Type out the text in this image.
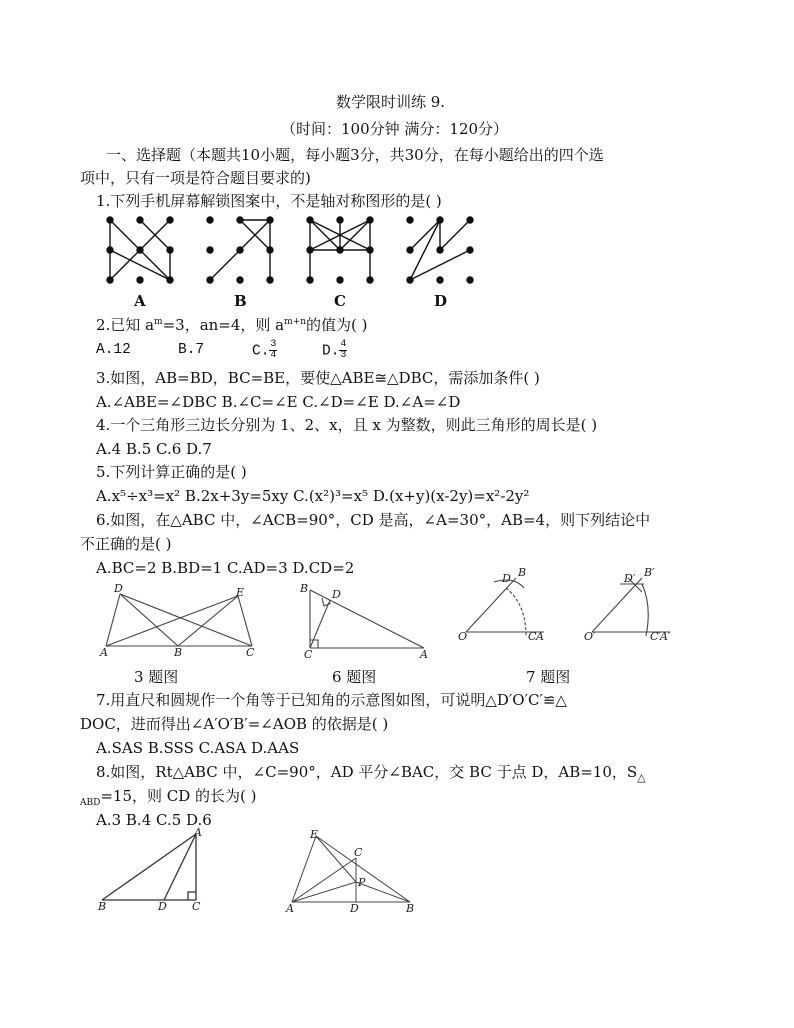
数学限时训练 9.
（时间：100分钟 满分：120分）
一、选择题（本题共10小题，每小题3分，共30分，在每小题给出的四个选
项中，只有一项是符合题目要求的)
1.下列手机屏幕解锁图案中，不是轴对称图形的是( )
A	B	C	D
2.已知 $a^m=3$，an=4，则 $a^{m+n}$的值为( )
A.12	B.7	C. $\frac{3}{4}$	D. $\frac{4}{3}$
3.如图，AB=BD，BC=BE，要使△ABE≅△DBC，需添加条件( )
A.∠ABE=∠DBC B.∠C=∠E C.∠D=∠E D.∠A=∠D
4.一个三角形三边长分别为 1、2、x，且 x 为整数，则此三角形的周长是( )
A.4 B.5 C.6 D.7
5.下列计算正确的是( )
A.x⁵÷x³=x² B.2x+3y=5xy C.(x²)³=x⁵ D.(x+y)(x-2y)=x²-2y²
6.如图，在△ABC 中，∠ACB=90°，CD 是高，∠A=30°，AB=4，则下列结论中
不正确的是( )
A.BC=2 B.BD=1 C.AD=3 D.CD=2
D	E
A	B	C
3 题图
B D
C	A
6 题图
O
D B
C A	O′
D′ B′
C′ A′
7 题图
7.用直尺和圆规作一个角等于已知角的示意图如图，可说明△D′O′C′≌△
DOC，进而得出∠A′O′B′=∠AOB 的依据是( )
A.SAS B.SSS C.ASA D.AAS
8.如图，Rt△ABC 中，∠C=90°，AD 平分∠BAC，交 BC 于点 D，AB=10，$S_\triangle$
$_{ABD}$=15，则 CD 的长为( )
A.3 B.4 C.5 D.6
A
B	D C
E
C
P
A	D	B
